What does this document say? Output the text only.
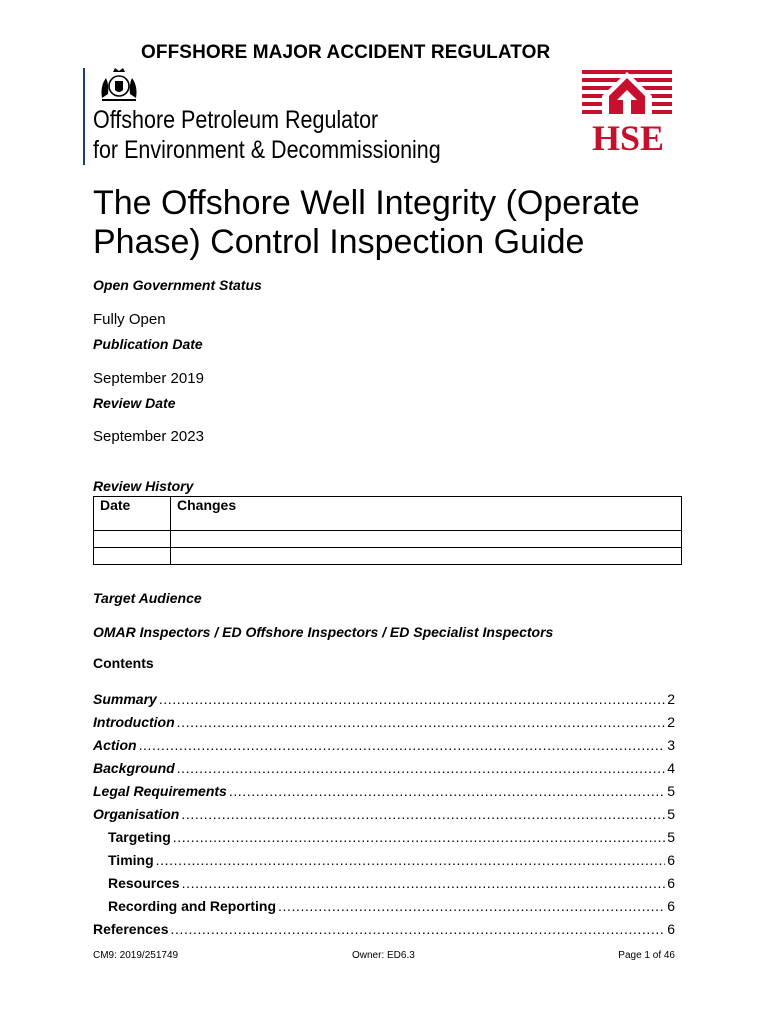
OFFSHORE MAJOR ACCIDENT REGULATOR
Offshore Petroleum Regulator
for Environment & Decommissioning	HSE
The Offshore Well Integrity (Operate
Phase) Control Inspection Guide
Open Government Status
Fully Open
Publication Date
September 2019
Review Date
September 2023
Review History
Date	Changes

Target Audience
OMAR Inspectors / ED Offshore Inspectors / ED Specialist Inspectors
Contents
Summary .....	2
Introduction .....	2
Action .....	3
Background .....	4
Legal Requirements .....	5
Organisation .....	5
Targeting .....	5
Timing .....	6
Resources .....	6
Recording and Reporting .....	6
References .....	6
CM9: 2019/251749	Owner: ED6.3	Page 1 of 46
